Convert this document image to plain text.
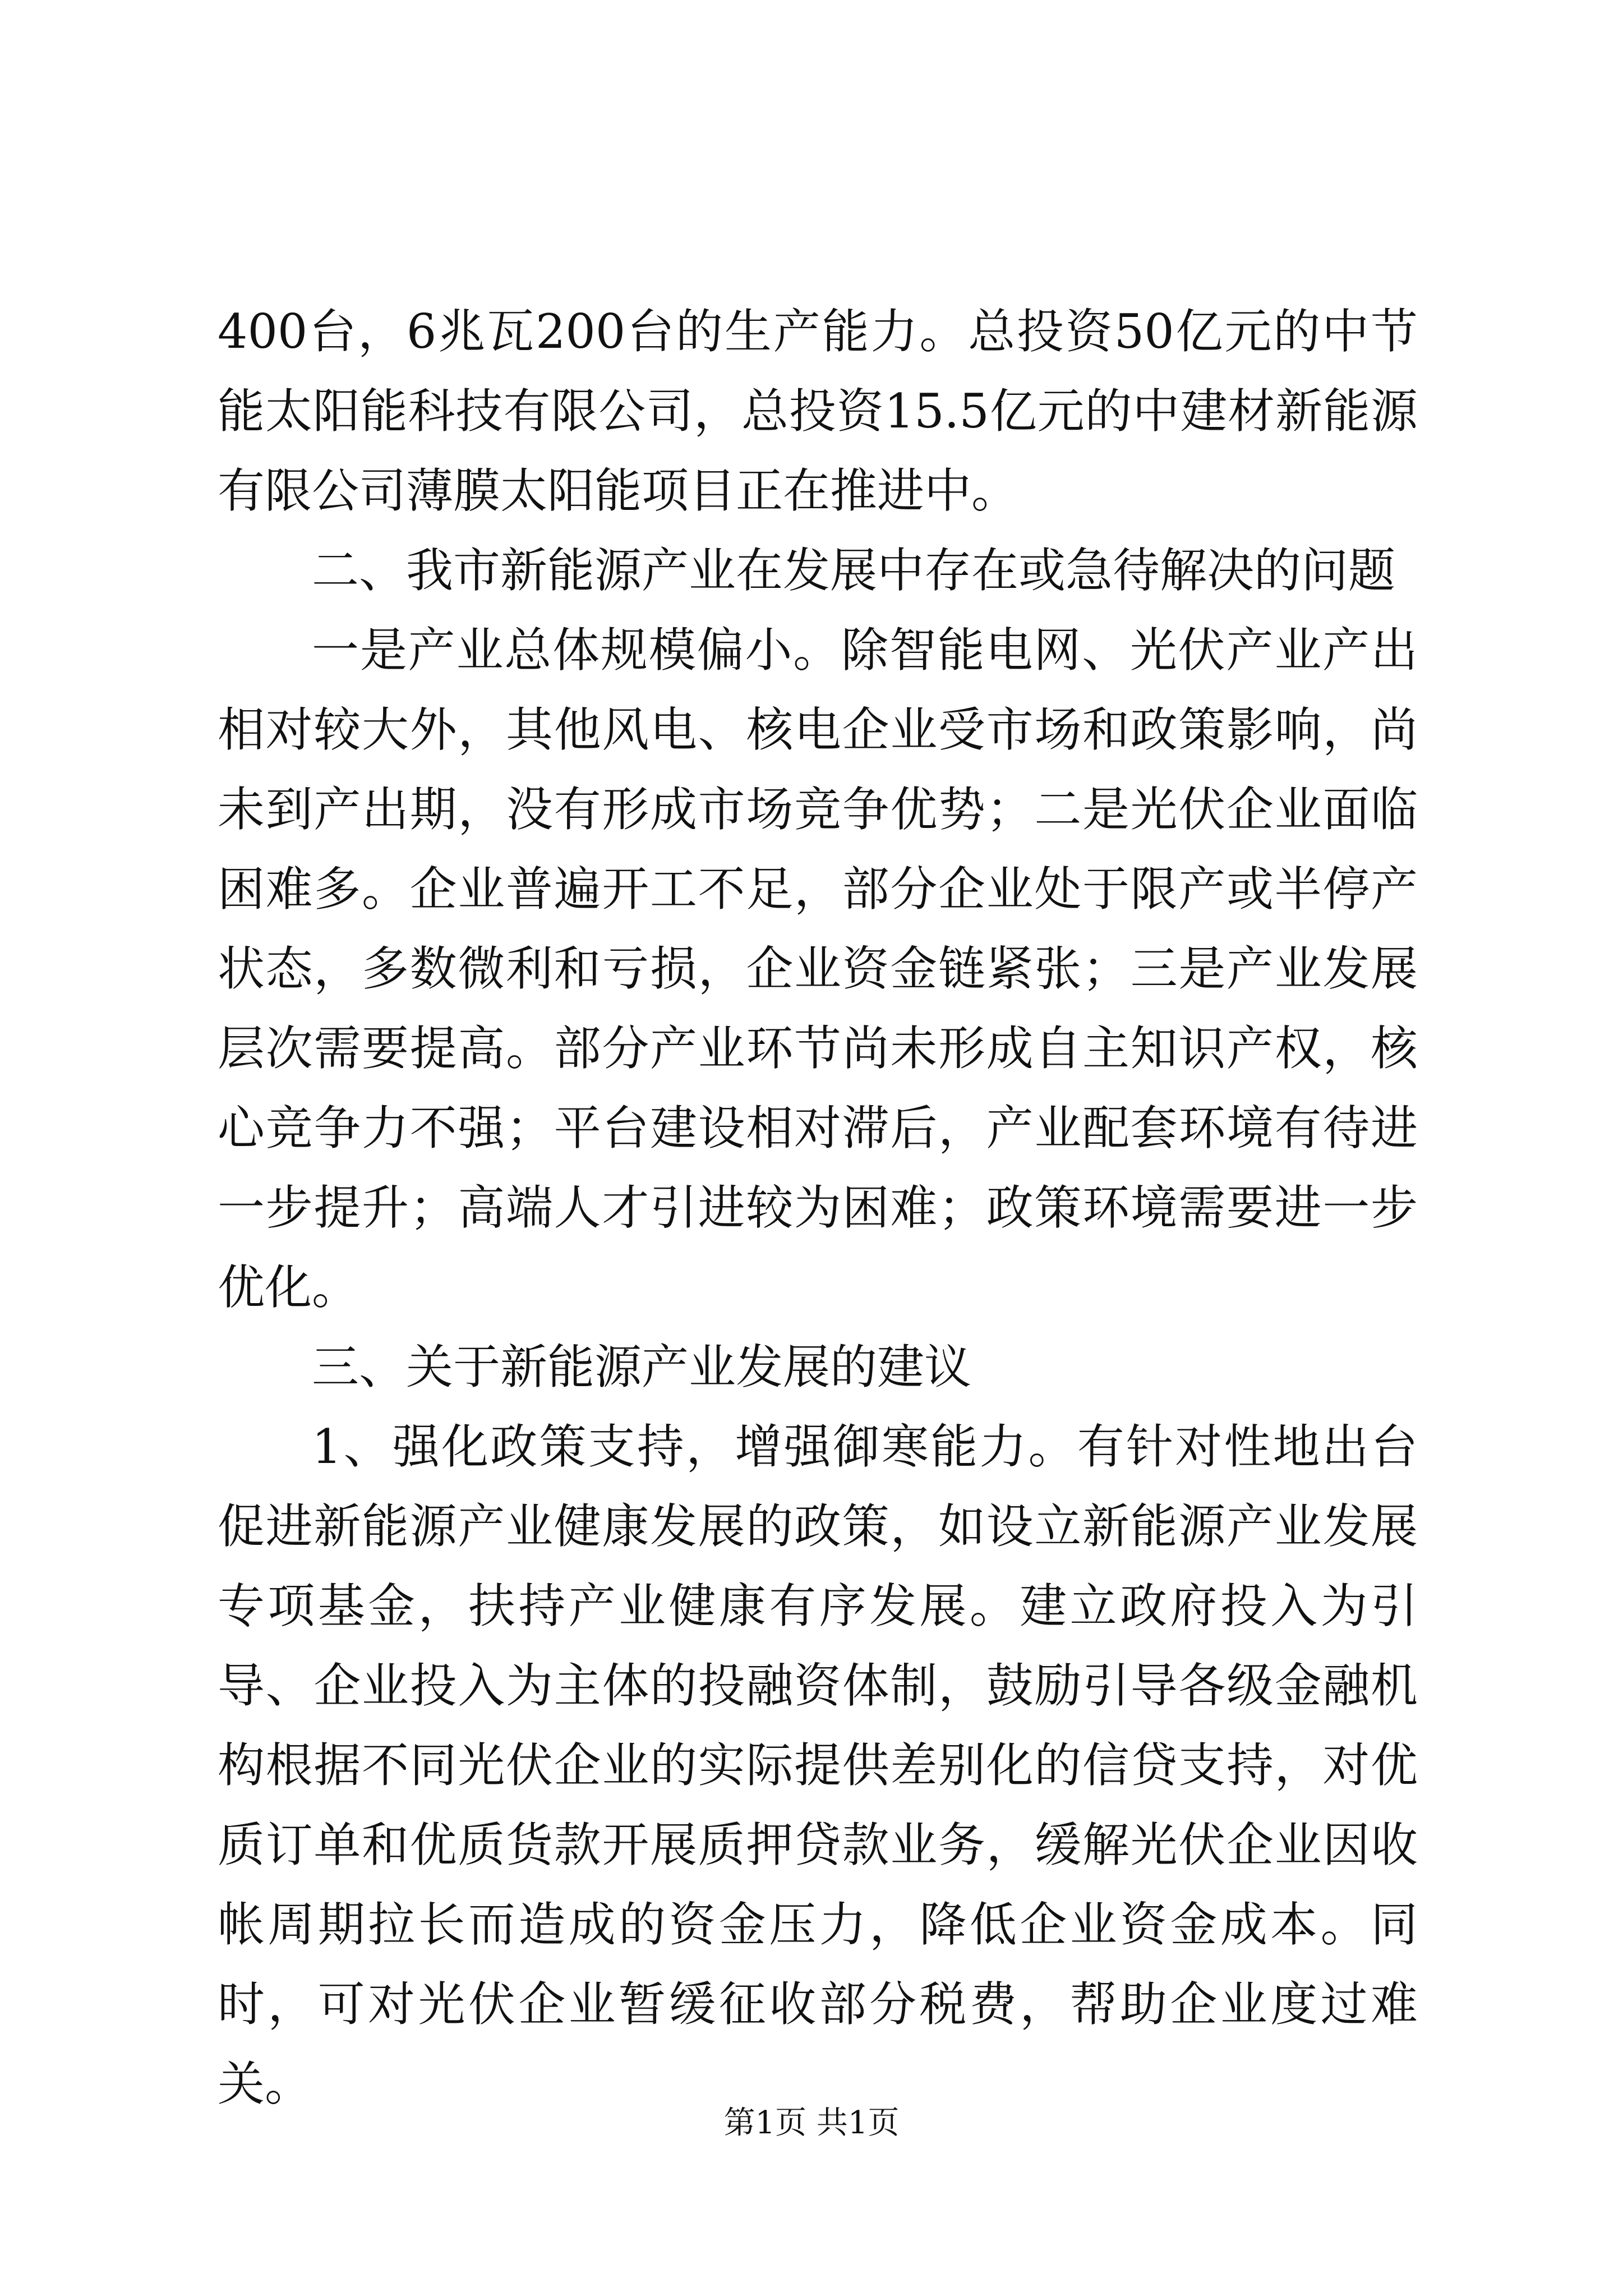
400台，6兆瓦200台的生产能力。总投资50亿元的中节能太阳能科技有限公司，总投资15.5亿元的中建材新能源有限公司薄膜太阳能项目正在推进中。

二、我市新能源产业在发展中存在或急待解决的问题

一是产业总体规模偏小。除智能电网、光伏产业产出相对较大外，其他风电、核电企业受市场和政策影响，尚未到产出期，没有形成市场竞争优势；二是光伏企业面临困难多。企业普遍开工不足，部分企业处于限产或半停产状态，多数微利和亏损，企业资金链紧张；三是产业发展层次需要提高。部分产业环节尚未形成自主知识产权，核心竞争力不强；平台建设相对滞后，产业配套环境有待进一步提升；高端人才引进较为困难；政策环境需要进一步优化。

三、关于新能源产业发展的建议

1、强化政策支持，增强御寒能力。有针对性地出台促进新能源产业健康发展的政策，如设立新能源产业发展专项基金，扶持产业健康有序发展。建立政府投入为引导、企业投入为主体的投融资体制，鼓励引导各级金融机构根据不同光伏企业的实际提供差别化的信贷支持，对优质订单和优质货款开展质押贷款业务，缓解光伏企业因收帐周期拉长而造成的资金压力，降低企业资金成本。同时，可对光伏企业暂缓征收部分税费，帮助企业度过难关。

第1页 共1页
